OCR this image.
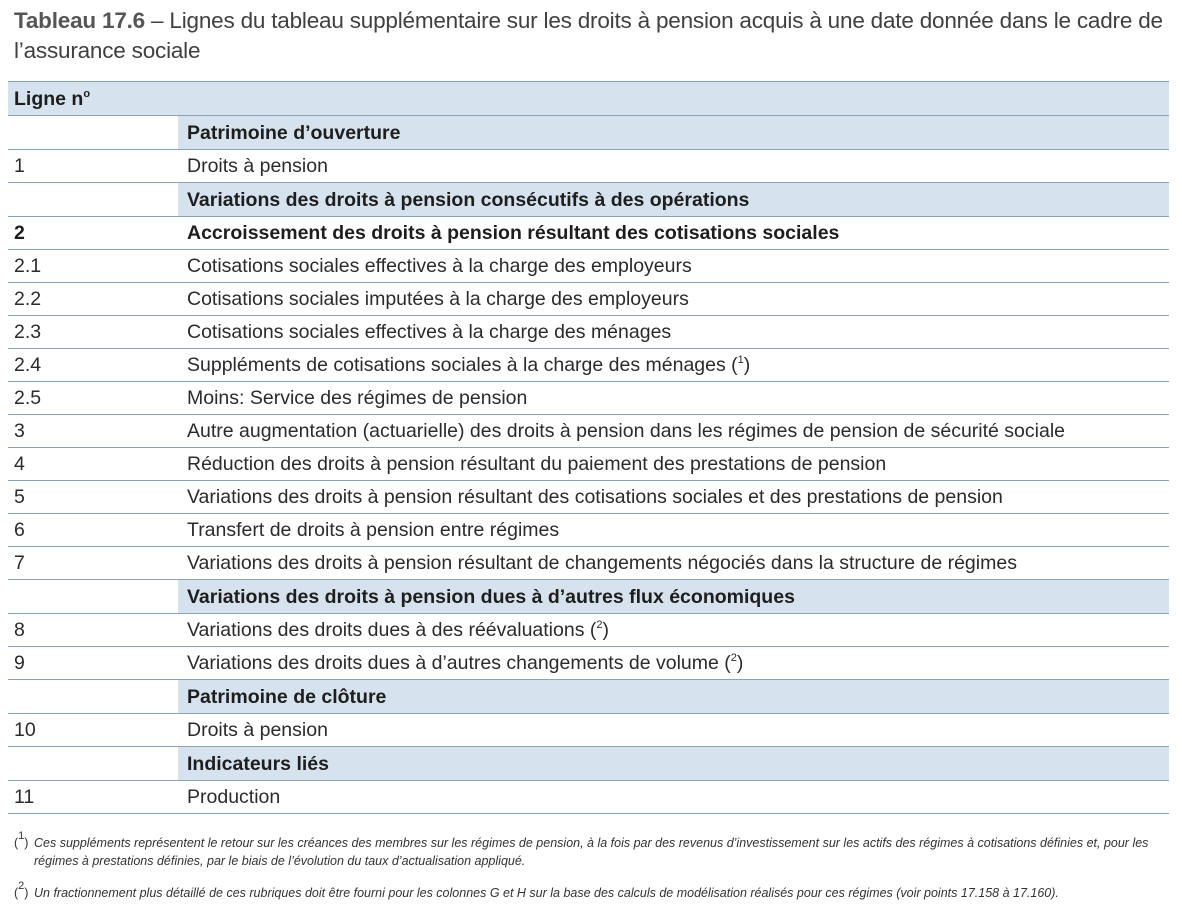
Tableau 17.6 – Lignes du tableau supplémentaire sur les droits à pension acquis à une date donnée dans le cadre de l’assurance sociale
Ligne $n^o$
Patrimoine d’ouverture
1	Droits à pension
Variations des droits à pension consécutifs à des opérations
2	Accroissement des droits à pension résultant des cotisations sociales
2.1	Cotisations sociales effectives à la charge des employeurs
2.2	Cotisations sociales imputées à la charge des employeurs
2.3	Cotisations sociales effectives à la charge des ménages
2.4	Suppléments de cotisations sociales à la charge des ménages ($^1$)
2.5	Moins: Service des régimes de pension
3	Autre augmentation (actuarielle) des droits à pension dans les régimes de pension de sécurité sociale
4	Réduction des droits à pension résultant du paiement des prestations de pension
5	Variations des droits à pension résultant des cotisations sociales et des prestations de pension
6	Transfert de droits à pension entre régimes
7	Variations des droits à pension résultant de changements négociés dans la structure de régimes
Variations des droits à pension dues à d’autres flux économiques
8	Variations des droits dues à des réévaluations ($^2$)
9	Variations des droits dues à d’autres changements de volume ($^2$)
Patrimoine de clôture
10	Droits à pension
Indicateurs liés
11	Production
($^1$) Ces suppléments représentent le retour sur les créances des membres sur les régimes de pension, à la fois par des revenus d’investissement sur les actifs des régimes à cotisations définies et, pour les régimes à prestations définies, par le biais de l’évolution du taux d’actualisation appliqué.
($^2$) Un fractionnement plus détaillé de ces rubriques doit être fourni pour les colonnes G et H sur la base des calculs de modélisation réalisés pour ces régimes (voir points 17.158 à 17.160).
